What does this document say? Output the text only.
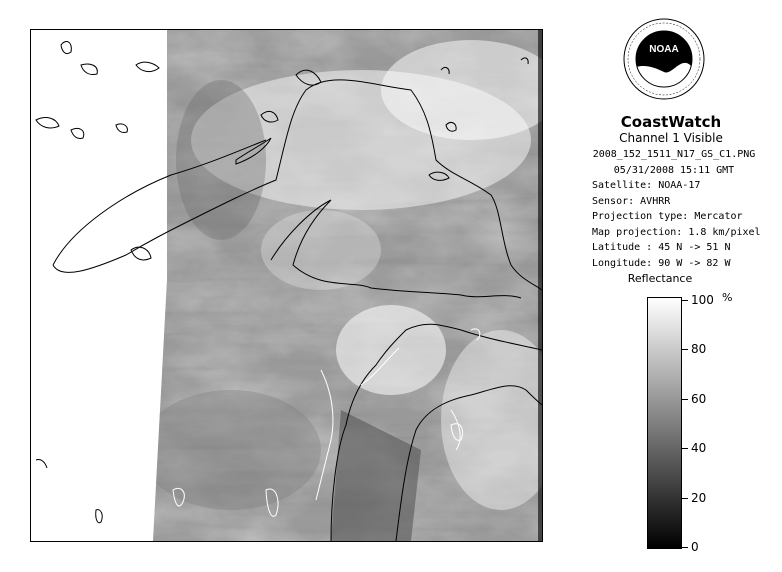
NOAA
CoastWatch
Channel 1 Visible
2008_152_1511_N17_GS_C1.PNG
05/31/2008 15:11 GMT
Satellite: NOAA-17
Sensor: AVHRR
Projection type: Mercator
Map projection: 1.8 km/pixel
Latitude : 45 N -> 51 N
Longitude: 90 W -> 82 W
Reflectance
%
100
80
60
40
20
0
